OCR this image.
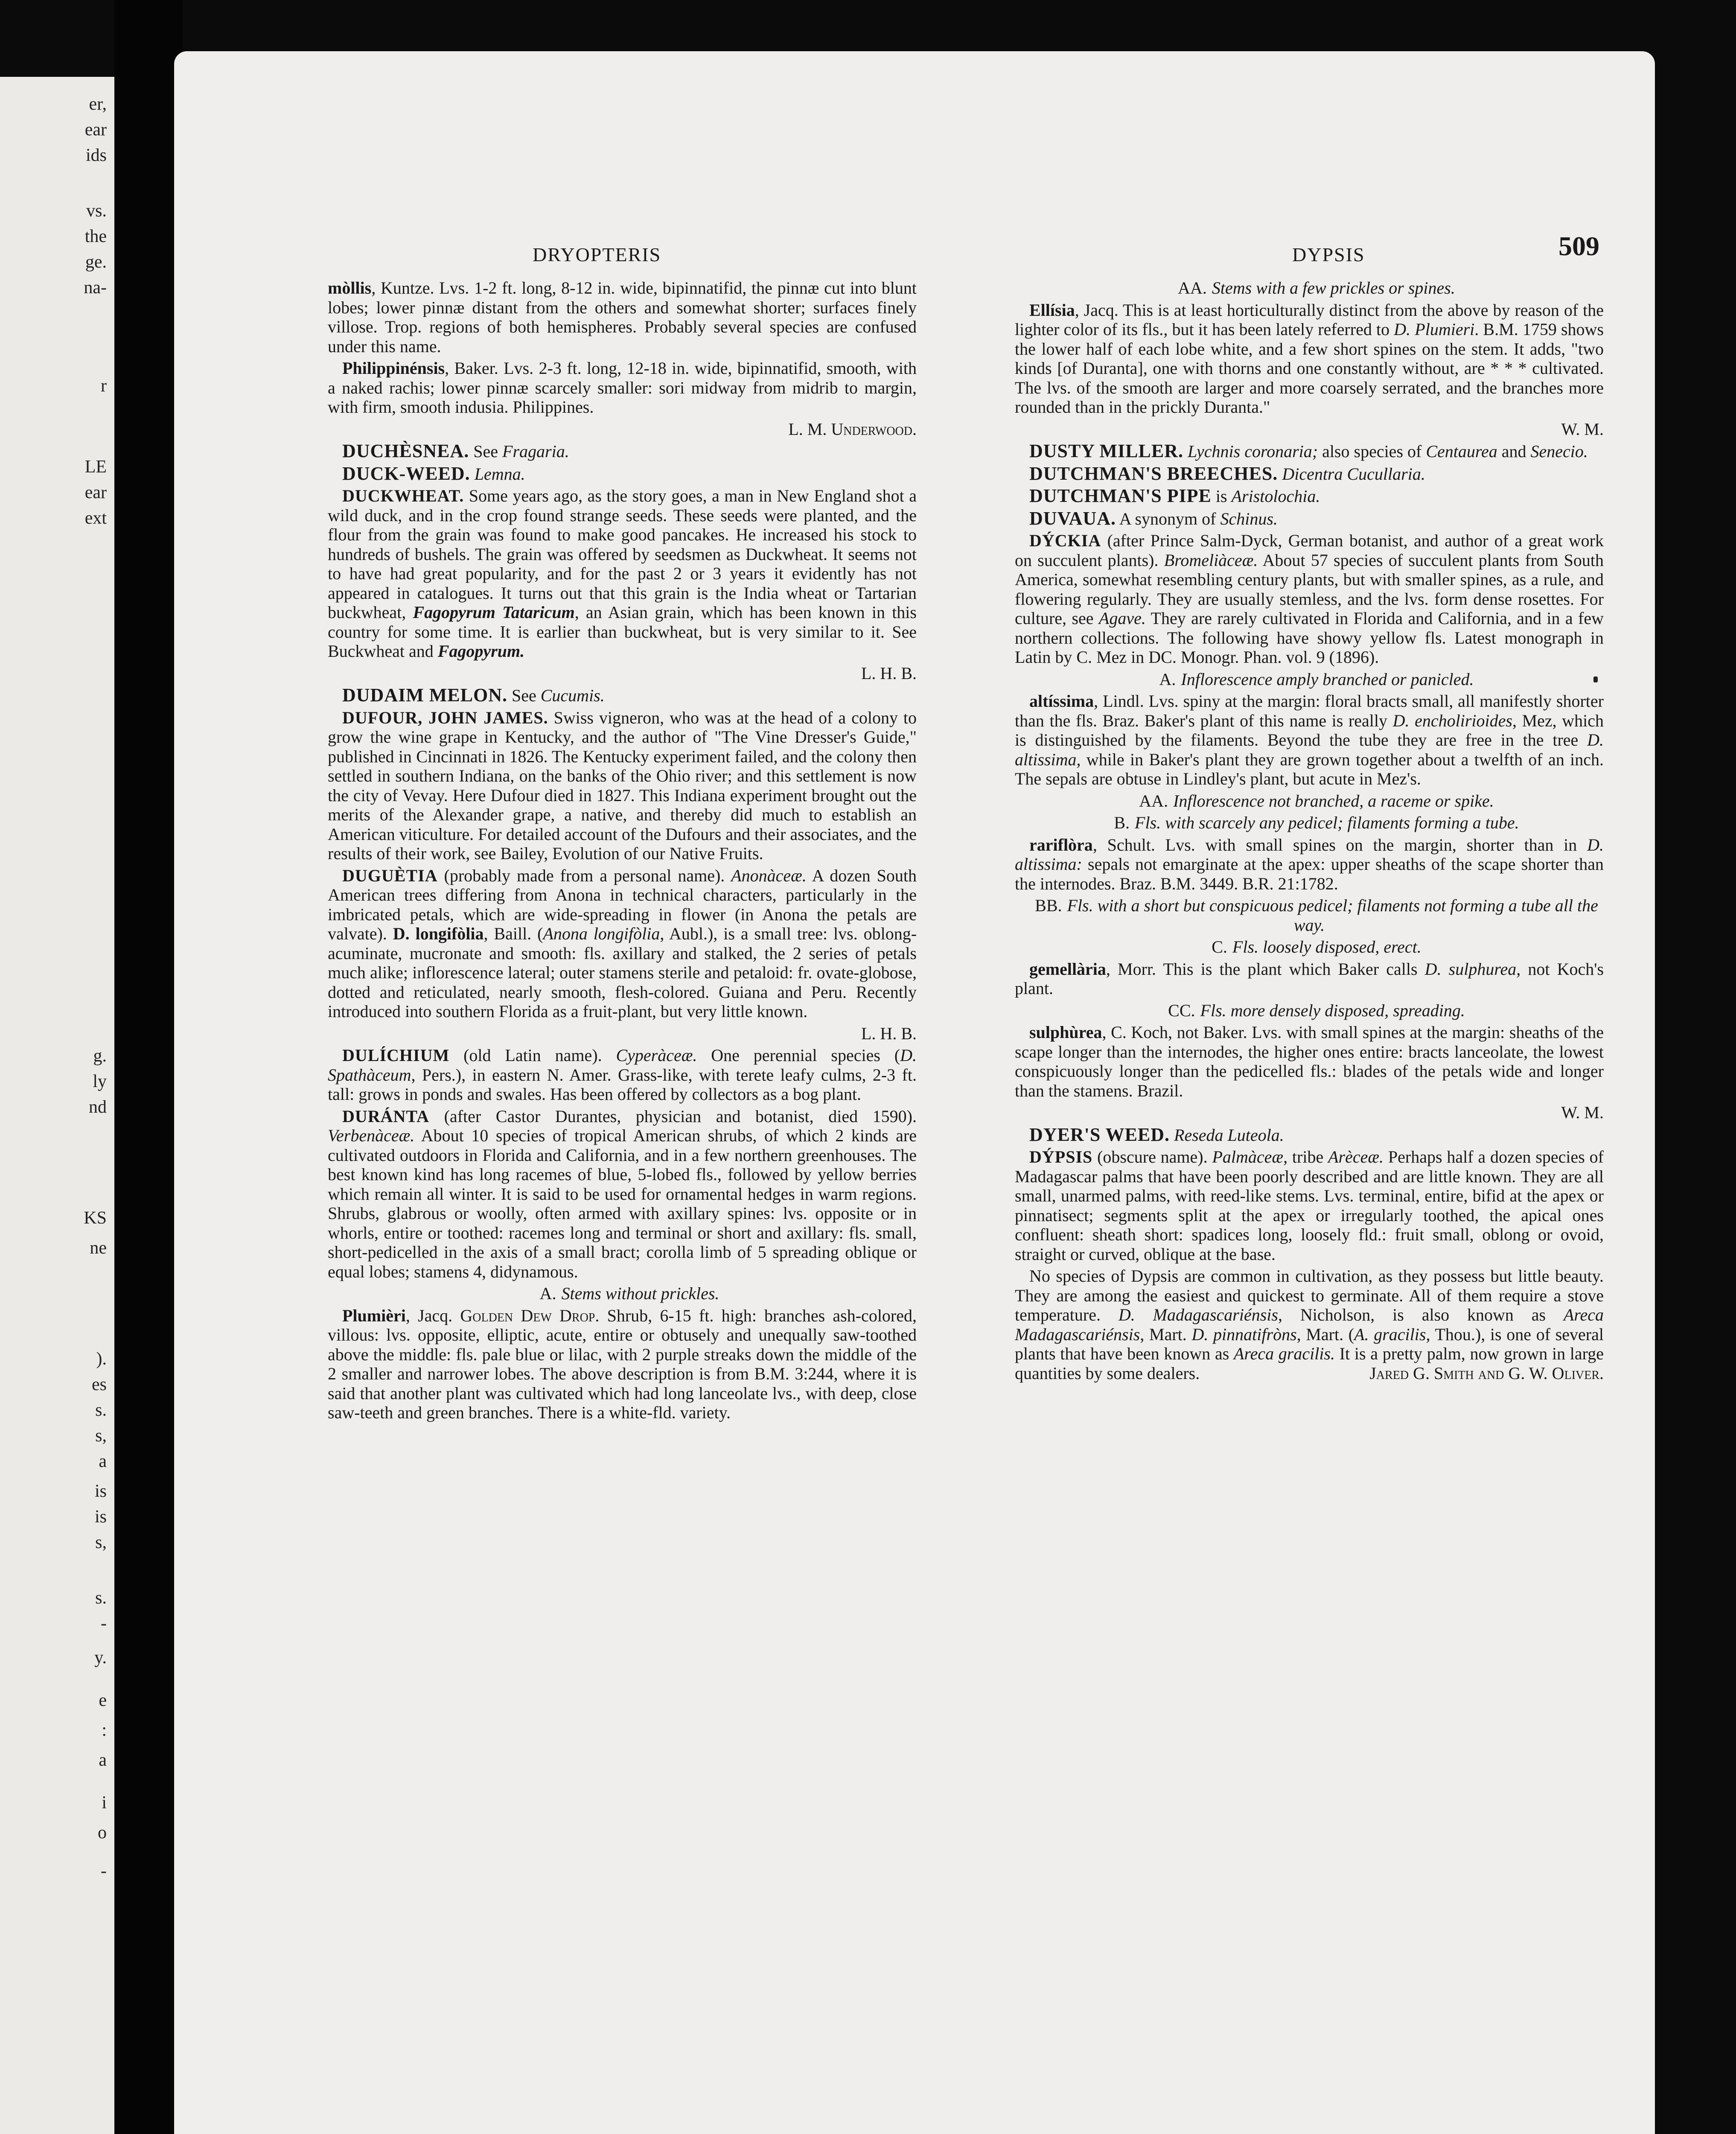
er,
ear
ids
vs.
the
ge.
na-
r
LE
ear
ext
g.
ly
nd
KS
ne
).
es
s.
s,
a
is
is
s,
s.
-
y.
e
:
a
i
o
-
DRYOPTERIS	DYPSIS	509

mòllis, Kuntze. Lvs. 1-2 ft. long, 8-12 in. wide, bipinnatifid, the pinnæ cut into blunt lobes; lower pinnæ distant from the others and somewhat shorter; surfaces finely villose. Trop. regions of both hemispheres. Probably several species are confused under this name.

Philippinénsis, Baker. Lvs. 2-3 ft. long, 12-18 in. wide, bipinnatifid, smooth, with a naked rachis; lower pinnæ scarcely smaller: sori midway from midrib to margin, with firm, smooth indusia. Philippines.

L. M. Underwood.

DUCHÈSNEA. See Fragaria.

DUCK-WEED. Lemna.

DUCKWHEAT. Some years ago, as the story goes, a man in New England shot a wild duck, and in the crop found strange seeds. These seeds were planted, and the flour from the grain was found to make good pancakes. He increased his stock to hundreds of bushels. The grain was offered by seedsmen as Duckwheat. It seems not to have had great popularity, and for the past 2 or 3 years it evidently has not appeared in catalogues. It turns out that this grain is the India wheat or Tartarian buckwheat, Fagopyrum Tataricum, an Asian grain, which has been known in this country for some time. It is earlier than buckwheat, but is very similar to it. See Buckwheat and Fagopyrum.

L. H. B.

DUDAIM MELON. See Cucumis.

DUFOUR, JOHN JAMES. Swiss vigneron, who was at the head of a colony to grow the wine grape in Kentucky, and the author of "The Vine Dresser's Guide," published in Cincinnati in 1826. The Kentucky experiment failed, and the colony then settled in southern Indiana, on the banks of the Ohio river; and this settlement is now the city of Vevay. Here Dufour died in 1827. This Indiana experiment brought out the merits of the Alexander grape, a native, and thereby did much to establish an American viticulture. For detailed account of the Dufours and their associates, and the results of their work, see Bailey, Evolution of our Native Fruits.

DUGUÈTIA (probably made from a personal name). Anonàceæ. A dozen South American trees differing from Anona in technical characters, particularly in the imbricated petals, which are wide-spreading in flower (in Anona the petals are valvate). D. longifòlia, Baill. (Anona longifòlia, Aubl.), is a small tree: lvs. oblong-acuminate, mucronate and smooth: fls. axillary and stalked, the 2 series of petals much alike; inflorescence lateral; outer stamens sterile and petaloid: fr. ovate-globose, dotted and reticulated, nearly smooth, flesh-colored. Guiana and Peru. Recently introduced into southern Florida as a fruit-plant, but very little known.

L. H. B.

DULÍCHIUM (old Latin name). Cyperàceæ. One perennial species (D. Spathàceum, Pers.), in eastern N. Amer. Grass-like, with terete leafy culms, 2-3 ft. tall: grows in ponds and swales. Has been offered by collectors as a bog plant.

DURÁNTA (after Castor Durantes, physician and botanist, died 1590). Verbenàceæ. About 10 species of tropical American shrubs, of which 2 kinds are cultivated outdoors in Florida and California, and in a few northern greenhouses. The best known kind has long racemes of blue, 5-lobed fls., followed by yellow berries which remain all winter. It is said to be used for ornamental hedges in warm regions. Shrubs, glabrous or woolly, often armed with axillary spines: lvs. opposite or in whorls, entire or toothed: racemes long and terminal or short and axillary: fls. small, short-pedicelled in the axis of a small bract; corolla limb of 5 spreading oblique or equal lobes; stamens 4, didynamous.

A. Stems without prickles.

Plumièri, Jacq. Golden Dew Drop. Shrub, 6-15 ft. high: branches ash-colored, villous: lvs. opposite, elliptic, acute, entire or obtusely and unequally saw-toothed above the middle: fls. pale blue or lilac, with 2 purple streaks down the middle of the 2 smaller and narrower lobes. The above description is from B.M. 3:244, where it is said that another plant was cultivated which had long lanceolate lvs., with deep, close saw-teeth and green branches. There is a white-fld. variety.

AA. Stems with a few prickles or spines.

Ellísia, Jacq. This is at least horticulturally distinct from the above by reason of the lighter color of its fls., but it has been lately referred to D. Plumieri. B.M. 1759 shows the lower half of each lobe white, and a few short spines on the stem. It adds, "two kinds [of Duranta], one with thorns and one constantly without, are * * * cultivated. The lvs. of the smooth are larger and more coarsely serrated, and the branches more rounded than in the prickly Duranta."

W. M.

DUSTY MILLER. Lychnis coronaria; also species of Centaurea and Senecio.

DUTCHMAN'S BREECHES. Dicentra Cucullaria.

DUTCHMAN'S PIPE is Aristolochia.

DUVAUA. A synonym of Schinus.

DÝCKIA (after Prince Salm-Dyck, German botanist, and author of a great work on succulent plants). Bromeliàceæ. About 57 species of succulent plants from South America, somewhat resembling century plants, but with smaller spines, as a rule, and flowering regularly. They are usually stemless, and the lvs. form dense rosettes. For culture, see Agave. They are rarely cultivated in Florida and California, and in a few northern collections. The following have showy yellow fls. Latest monograph in Latin by C. Mez in DC. Monogr. Phan. vol. 9 (1896).

A. Inflorescence amply branched or panicled.

altíssima, Lindl. Lvs. spiny at the margin: floral bracts small, all manifestly shorter than the fls. Braz. Baker's plant of this name is really D. encholirioides, Mez, which is distinguished by the filaments. Beyond the tube they are free in the tree D. altissima, while in Baker's plant they are grown together about a twelfth of an inch. The sepals are obtuse in Lindley's plant, but acute in Mez's.

AA. Inflorescence not branched, a raceme or spike.

B. Fls. with scarcely any pedicel; filaments forming a tube.

rariflòra, Schult. Lvs. with small spines on the margin, shorter than in D. altissima: sepals not emarginate at the apex: upper sheaths of the scape shorter than the internodes. Braz. B.M. 3449. B.R. 21:1782.

BB. Fls. with a short but conspicuous pedicel; filaments not forming a tube all the way.

C. Fls. loosely disposed, erect.

gemellària, Morr. This is the plant which Baker calls D. sulphurea, not Koch's plant.

CC. Fls. more densely disposed, spreading.

sulphùrea, C. Koch, not Baker. Lvs. with small spines at the margin: sheaths of the scape longer than the internodes, the higher ones entire: bracts lanceolate, the lowest conspicuously longer than the pedicelled fls.: blades of the petals wide and longer than the stamens. Brazil.

W. M.

DYER'S WEED. Reseda Luteola.

DÝPSIS (obscure name). Palmàceæ, tribe Arèceæ. Perhaps half a dozen species of Madagascar palms that have been poorly described and are little known. They are all small, unarmed palms, with reed-like stems. Lvs. terminal, entire, bifid at the apex or pinnatisect; segments split at the apex or irregularly toothed, the apical ones confluent: sheath short: spadices long, loosely fld.: fruit small, oblong or ovoid, straight or curved, oblique at the base.

No species of Dypsis are common in cultivation, as they possess but little beauty. They are among the easiest and quickest to germinate. All of them require a stove temperature. D. Madagascariénsis, Nicholson, is also known as Areca Madagascariénsis, Mart. D. pinnatifròns, Mart. (A. gracilis, Thou.), is one of several plants that have been known as Areca gracilis. It is a pretty palm, now grown in large quantities by some dealers.	Jared G. Smith and G. W. Oliver.
